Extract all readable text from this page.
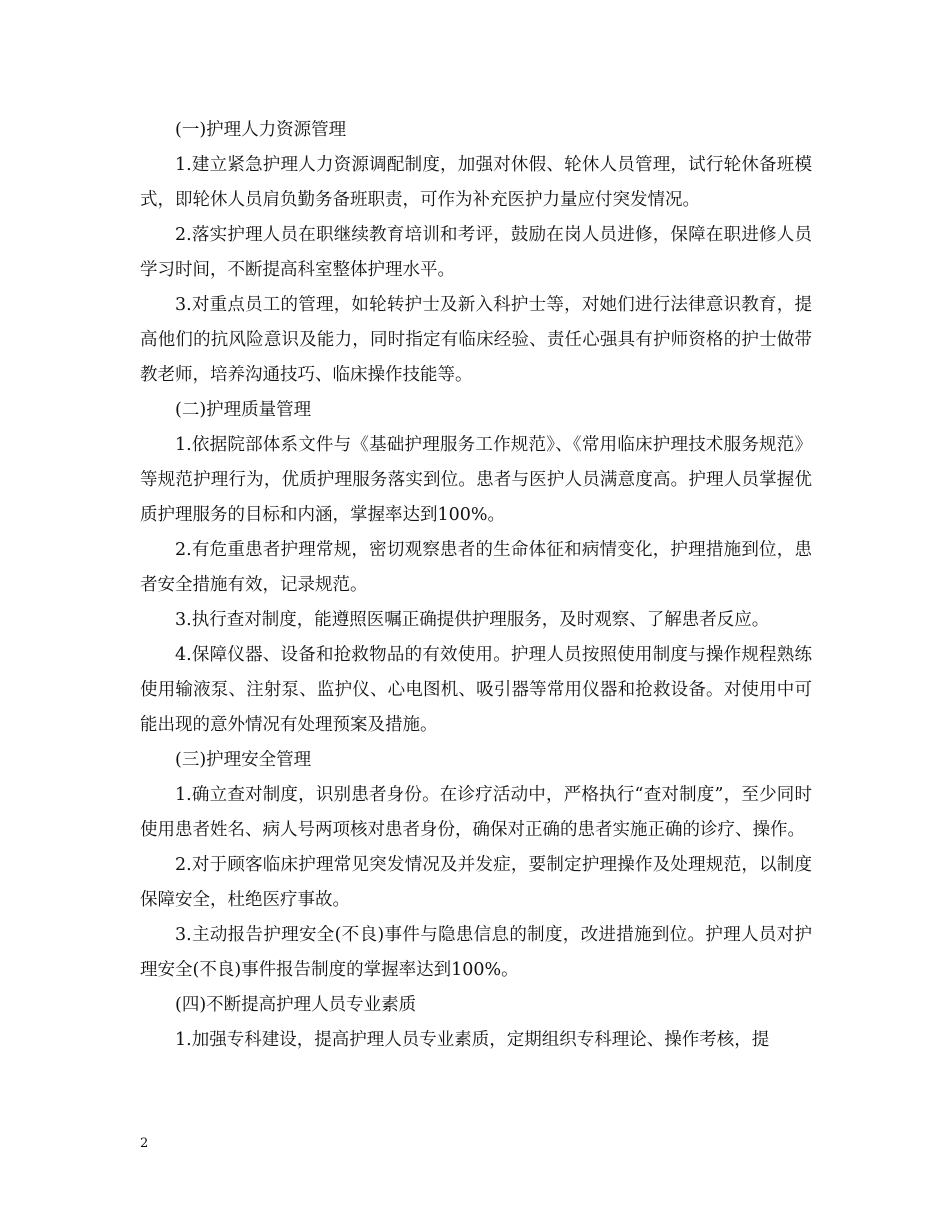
(一)护理人力资源管理

1.建立紧急护理人力资源调配制度，加强对休假、轮休人员管理，试行轮休备班模式，即轮休人员肩负勤务备班职责，可作为补充医护力量应付突发情况。

2.落实护理人员在职继续教育培训和考评，鼓励在岗人员进修，保障在职进修人员学习时间，不断提高科室整体护理水平。

3.对重点员工的管理，如轮转护士及新入科护士等，对她们进行法律意识教育，提高他们的抗风险意识及能力，同时指定有临床经验、责任心强具有护师资格的护士做带教老师，培养沟通技巧、临床操作技能等。

(二)护理质量管理

1.依据院部体系文件与《基础护理服务工作规范》、《常用临床护理技术服务规范》等规范护理行为，优质护理服务落实到位。患者与医护人员满意度高。护理人员掌握优质护理服务的目标和内涵，掌握率达到100%。

2.有危重患者护理常规，密切观察患者的生命体征和病情变化，护理措施到位，患者安全措施有效，记录规范。

3.执行查对制度，能遵照医嘱正确提供护理服务，及时观察、了解患者反应。

4.保障仪器、设备和抢救物品的有效使用。护理人员按照使用制度与操作规程熟练使用输液泵、注射泵、监护仪、心电图机、吸引器等常用仪器和抢救设备。对使用中可能出现的意外情况有处理预案及措施。

(三)护理安全管理

1.确立查对制度，识别患者身份。在诊疗活动中，严格执行“查对制度”，至少同时使用患者姓名、病人号两项核对患者身份，确保对正确的患者实施正确的诊疗、操作。

2.对于顾客临床护理常见突发情况及并发症，要制定护理操作及处理规范，以制度保障安全，杜绝医疗事故。

3.主动报告护理安全(不良)事件与隐患信息的制度，改进措施到位。护理人员对护理安全(不良)事件报告制度的掌握率达到100%。

(四)不断提高护理人员专业素质

1.加强专科建设，提高护理人员专业素质，定期组织专科理论、操作考核，提

2
